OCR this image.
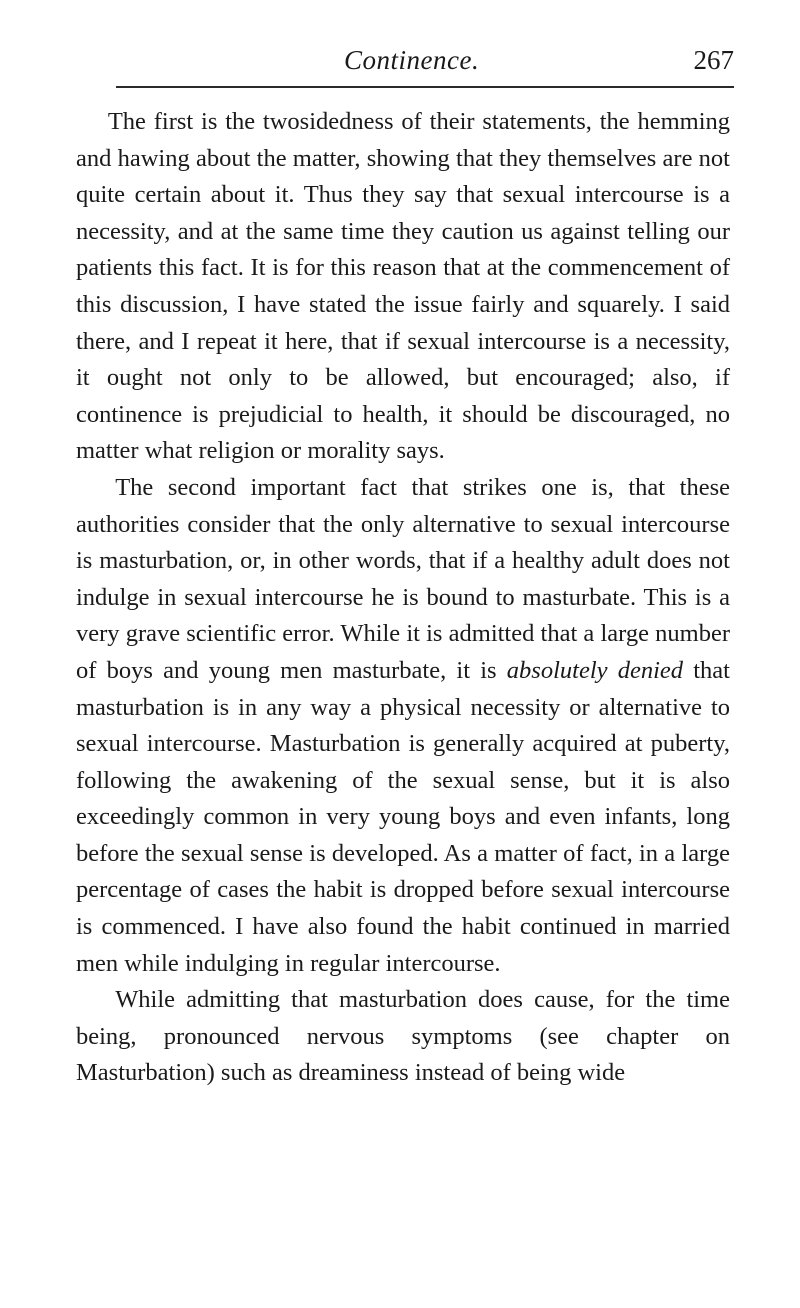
Continence.	267

The first is the twosidedness of their statements, the hemming and hawing about the matter, showing that they themselves are not quite certain about it. Thus they say that sexual intercourse is a necessity, and at the same time they caution us against telling our patients this fact. It is for this reason that at the commencement of this discussion, I have stated the issue fairly and squarely. I said there, and I repeat it here, that if sexual intercourse is a necessity, it ought not only to be allowed, but encouraged; also, if continence is prejudicial to health, it should be discouraged, no matter what religion or morality says.

The second important fact that strikes one is, that these authorities consider that the only alternative to sexual intercourse is masturbation, or, in other words, that if a healthy adult does not indulge in sexual intercourse he is bound to masturbate. This is a very grave scientific error. While it is admitted that a large number of boys and young men masturbate, it is absolutely denied that masturbation is in any way a physical necessity or alternative to sexual intercourse. Masturbation is generally acquired at puberty, following the awakening of the sexual sense, but it is also exceedingly common in very young boys and even infants, long before the sexual sense is developed. As a matter of fact, in a large percentage of cases the habit is dropped before sexual intercourse is commenced. I have also found the habit continued in married men while indulging in regular intercourse.

While admitting that masturbation does cause, for the time being, pronounced nervous symptoms (see chapter on Masturbation) such as dreaminess instead of being wide
